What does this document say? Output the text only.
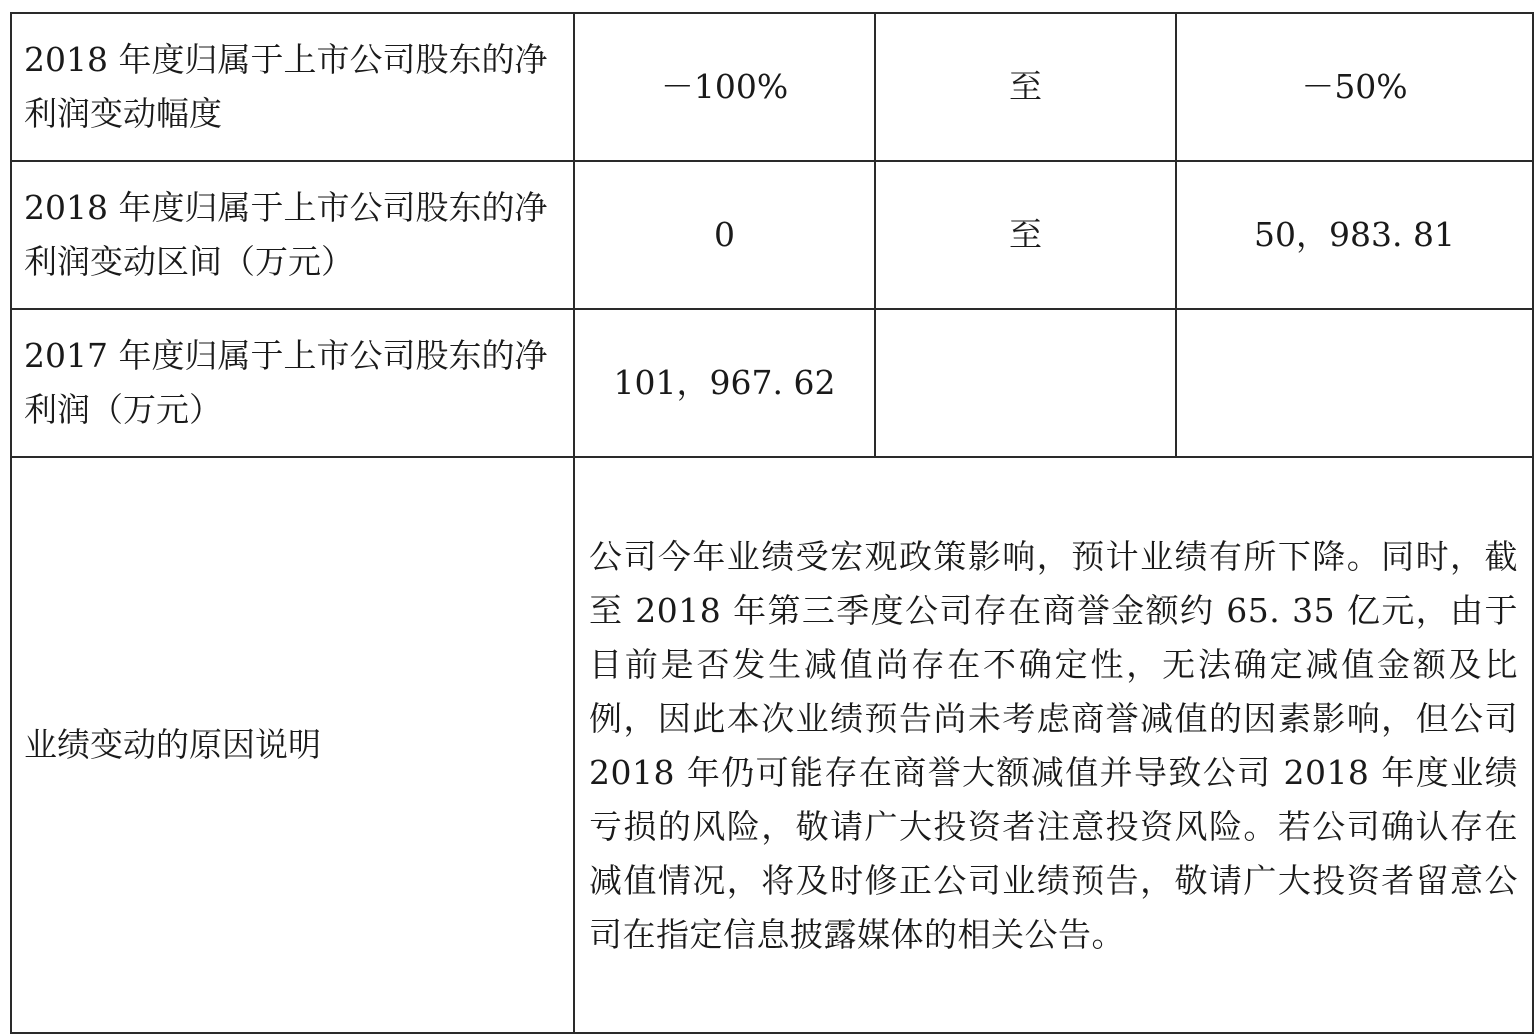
2018 年度归属于上市公司股东的净利润变动幅度	－100%	至	－50%
2018 年度归属于上市公司股东的净利润变动区间（万元）	0	至	50，983. 81
2017 年度归属于上市公司股东的净利润（万元）	101，967. 62		
业绩变动的原因说明	公司今年业绩受宏观政策影响，预计业绩有所下降。同时，截至 2018 年第三季度公司存在商誉金额约 65. 35 亿元，由于目前是否发生减值尚存在不确定性，无法确定减值金额及比例，因此本次业绩预告尚未考虑商誉减值的因素影响，但公司 2018 年仍可能存在商誉大额减值并导致公司 2018 年度业绩亏损的风险，敬请广大投资者注意投资风险。若公司确认存在减值情况，将及时修正公司业绩预告，敬请广大投资者留意公司在指定信息披露媒体的相关公告。		
